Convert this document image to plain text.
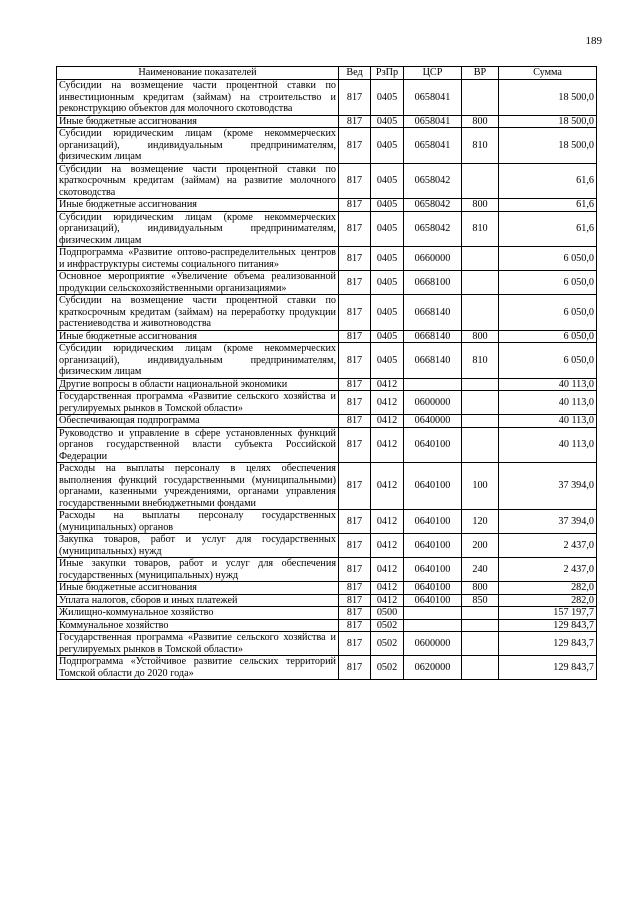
189
Наименование показателей	Вед	РзПр	ЦСР	ВР	Сумма
Субсидии на возмещение части процентной ставки по инвестиционным кредитам (займам) на строительство и реконструкцию объектов для молочного скотоводства	817	0405	0658041		18 500,0
Иные бюджетные ассигнования	817	0405	0658041	800	18 500,0
Субсидии юридическим лицам (кроме некоммерческих организаций), индивидуальным предпринимателям, физическим лицам	817	0405	0658041	810	18 500,0
Субсидии на возмещение части процентной ставки по краткосрочным кредитам (займам) на развитие молочного скотоводства	817	0405	0658042		61,6
Иные бюджетные ассигнования	817	0405	0658042	800	61,6
Субсидии юридическим лицам (кроме некоммерческих организаций), индивидуальным предпринимателям, физическим лицам	817	0405	0658042	810	61,6
Подпрограмма «Развитие оптово-распределительных центров и инфраструктуры системы социального питания»	817	0405	0660000		6 050,0
Основное мероприятие «Увеличение объема реализованной продукции сельскохозяйственными организациями»	817	0405	0668100		6 050,0
Субсидии на возмещение части процентной ставки по краткосрочным кредитам (займам) на переработку продукции растениеводства и животноводства	817	0405	0668140		6 050,0
Иные бюджетные ассигнования	817	0405	0668140	800	6 050,0
Субсидии юридическим лицам (кроме некоммерческих организаций), индивидуальным предпринимателям, физическим лицам	817	0405	0668140	810	6 050,0
Другие вопросы в области национальной экономики	817	0412			40 113,0
Государственная программа «Развитие сельского хозяйства и регулируемых рынков в Томской области»	817	0412	0600000		40 113,0
Обеспечивающая подпрограмма	817	0412	0640000		40 113,0
Руководство и управление в сфере установленных функций органов государственной власти субъекта Российской Федерации	817	0412	0640100		40 113,0
Расходы на выплаты персоналу в целях обеспечения выполнения функций государственными (муниципальными) органами, казенными учреждениями, органами управления государственными внебюджетными фондами	817	0412	0640100	100	37 394,0
Расходы на выплаты персоналу государственных (муниципальных) органов	817	0412	0640100	120	37 394,0
Закупка товаров, работ и услуг для государственных (муниципальных) нужд	817	0412	0640100	200	2 437,0
Иные закупки товаров, работ и услуг для обеспечения государственных (муниципальных) нужд	817	0412	0640100	240	2 437,0
Иные бюджетные ассигнования	817	0412	0640100	800	282,0
Уплата налогов, сборов и иных платежей	817	0412	0640100	850	282,0
Жилищно-коммунальное хозяйство	817	0500			157 197,7
Коммунальное хозяйство	817	0502			129 843,7
Государственная программа «Развитие сельского хозяйства и регулируемых рынков в Томской области»	817	0502	0600000		129 843,7
Подпрограмма «Устойчивое развитие сельских территорий Томской области до 2020 года»	817	0502	0620000		129 843,7
